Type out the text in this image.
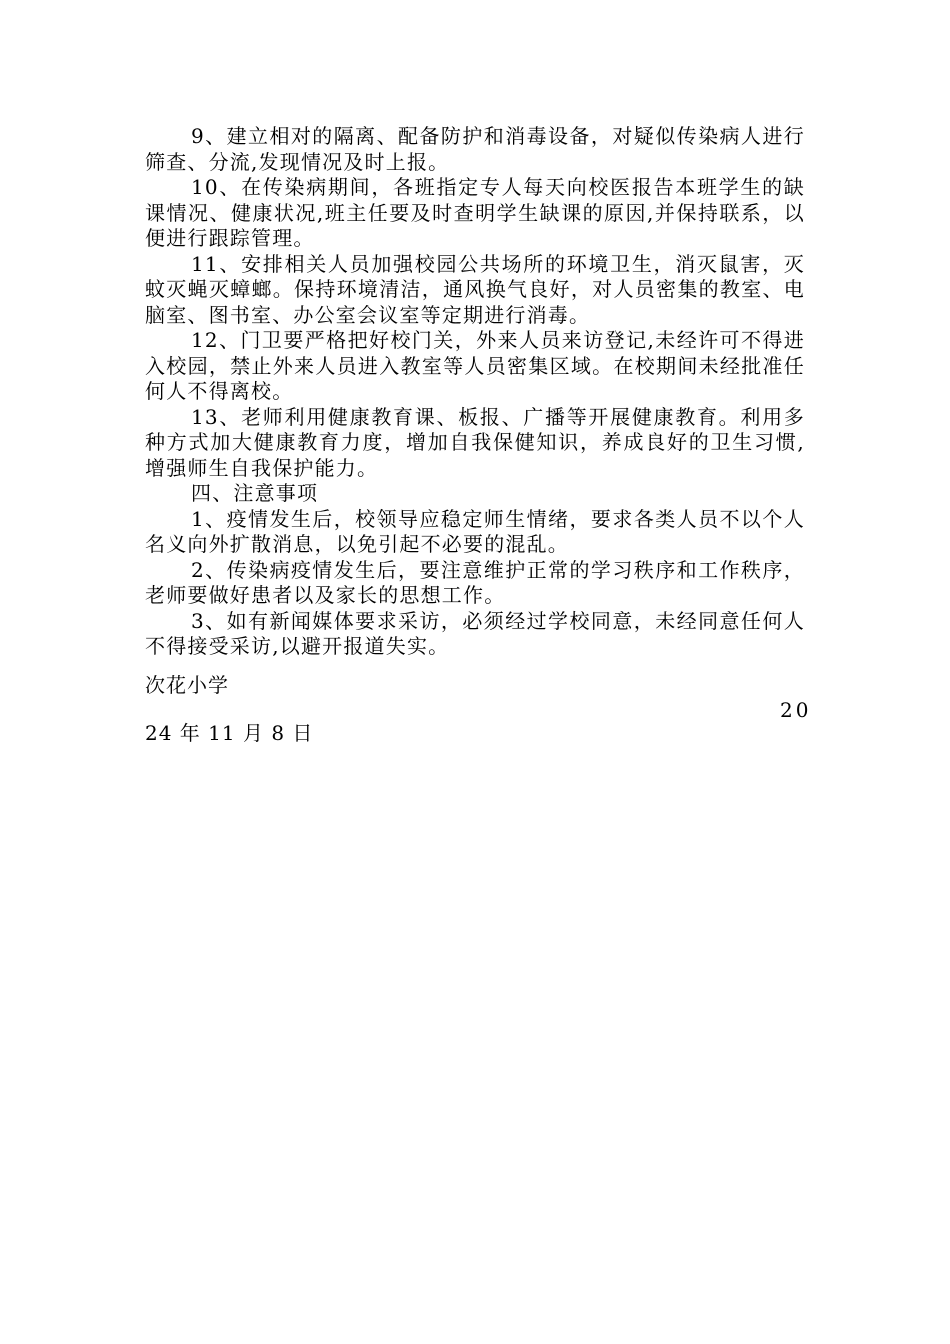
9、建立相对的隔离、配备防护和消毒设备，对疑似传染病人进行筛查、分流,发现情况及时上报。

10、在传染病期间，各班指定专人每天向校医报告本班学生的缺课情况、健康状况,班主任要及时查明学生缺课的原因,并保持联系，以便进行跟踪管理。

11、安排相关人员加强校园公共场所的环境卫生，消灭鼠害，灭蚊灭蝇灭蟑螂。保持环境清洁，通风换气良好，对人员密集的教室、电脑室、图书室、办公室会议室等定期进行消毒。

12、门卫要严格把好校门关，外来人员来访登记,未经许可不得进入校园，禁止外来人员进入教室等人员密集区域。在校期间未经批准任何人不得离校。

13、老师利用健康教育课、板报、广播等开展健康教育。利用多种方式加大健康教育力度，增加自我保健知识，养成良好的卫生习惯,增强师生自我保护能力。

四、注意事项

1、疫情发生后，校领导应稳定师生情绪，要求各类人员不以个人名义向外扩散消息，以免引起不必要的混乱。

2、传染病疫情发生后，要注意维护正常的学习秩序和工作秩序，老师要做好患者以及家长的思想工作。

3、如有新闻媒体要求采访，必须经过学校同意，未经同意任何人不得接受采访,以避开报道失实。

次花小学

20

24 年 11 月 8 日
